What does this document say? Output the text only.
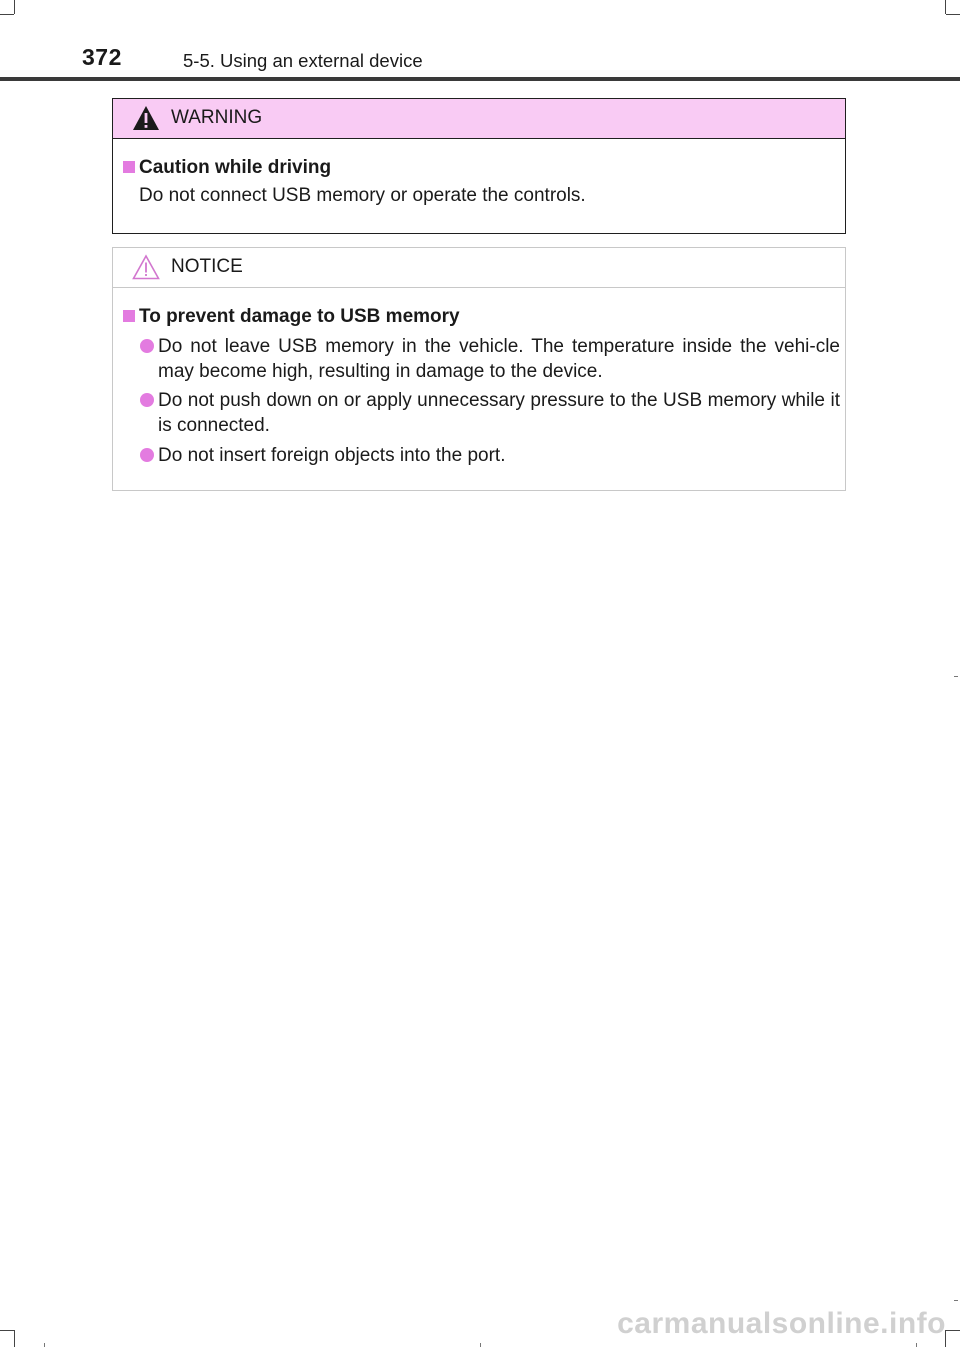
372	5-5. Using an external device
WARNING
Caution while driving
Do not connect USB memory or operate the controls.
NOTICE
To prevent damage to USB memory
Do not leave USB memory in the vehicle. The temperature inside the vehi-cle may become high, resulting in damage to the device.
Do not push down on or apply unnecessary pressure to the USB memory while it is connected.
Do not insert foreign objects into the port.
carmanualsonline.info
